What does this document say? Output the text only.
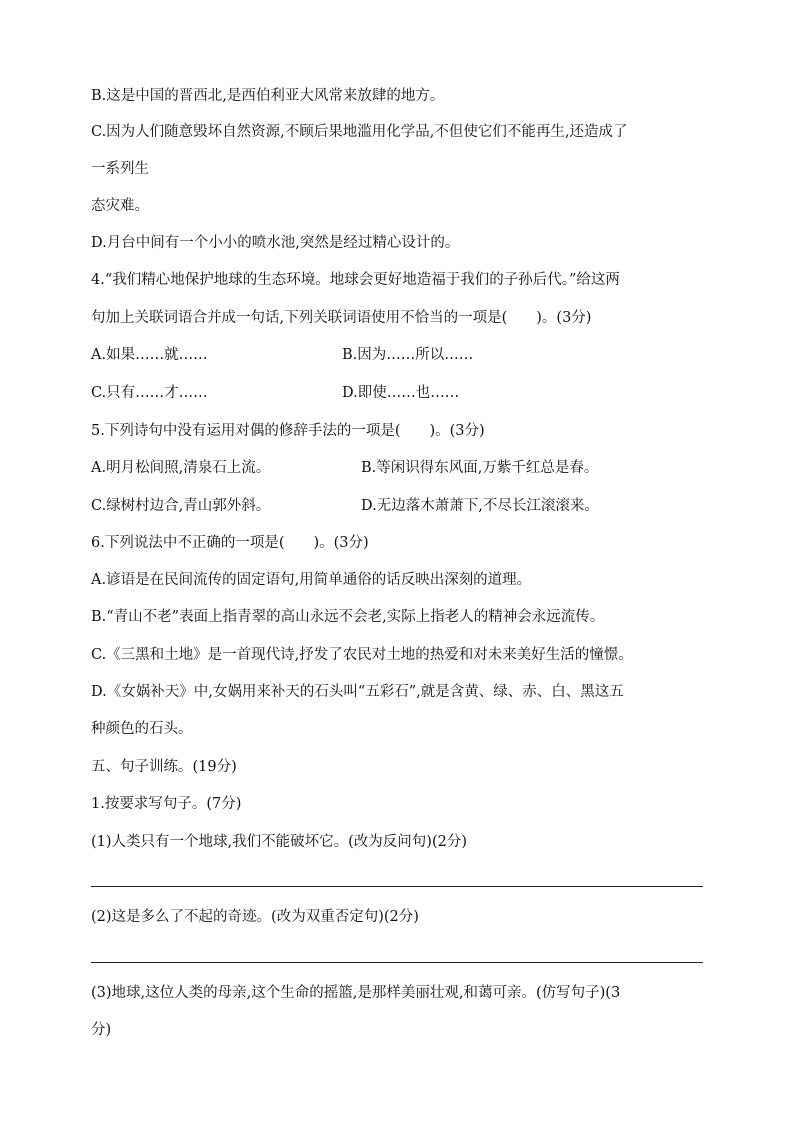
B.这是中国的晋西北,是西伯利亚大风常来放肆的地方。
C.因为人们随意毁坏自然资源,不顾后果地滥用化学品,不但使它们不能再生,还造成了
一系列生
态灾难。
D.月台中间有一个小小的喷水池,突然是经过精心设计的。
4.“我们精心地保护地球的生态环境。地球会更好地造福于我们的子孙后代。”给这两
句加上关联词语合并成一句话,下列关联词语使用不恰当的一项是(　　)。(3分)
A.如果……就……	B.因为……所以……
C.只有……才……	D.即使……也……
5.下列诗句中没有运用对偶的修辞手法的一项是(　　)。(3分)
A.明月松间照,清泉石上流。	B.等闲识得东风面,万紫千红总是春。
C.绿树村边合,青山郭外斜。	D.无边落木萧萧下,不尽长江滚滚来。
6.下列说法中不正确的一项是(　　)。(3分)
A.谚语是在民间流传的固定语句,用简单通俗的话反映出深刻的道理。
B.“青山不老”表面上指青翠的高山永远不会老,实际上指老人的精神会永远流传。
C.《三黑和土地》是一首现代诗,抒发了农民对土地的热爱和对未来美好生活的憧憬。
D.《女娲补天》中,女娲用来补天的石头叫“五彩石”,就是含黄、绿、赤、白、黑这五
种颜色的石头。
五、句子训练。(19分)
1.按要求写句子。(7分)
(1)人类只有一个地球,我们不能破坏它。(改为反问句)(2分)
(2)这是多么了不起的奇迹。(改为双重否定句)(2分)
(3)地球,这位人类的母亲,这个生命的摇篮,是那样美丽壮观,和蔼可亲。(仿写句子)(3
分)
